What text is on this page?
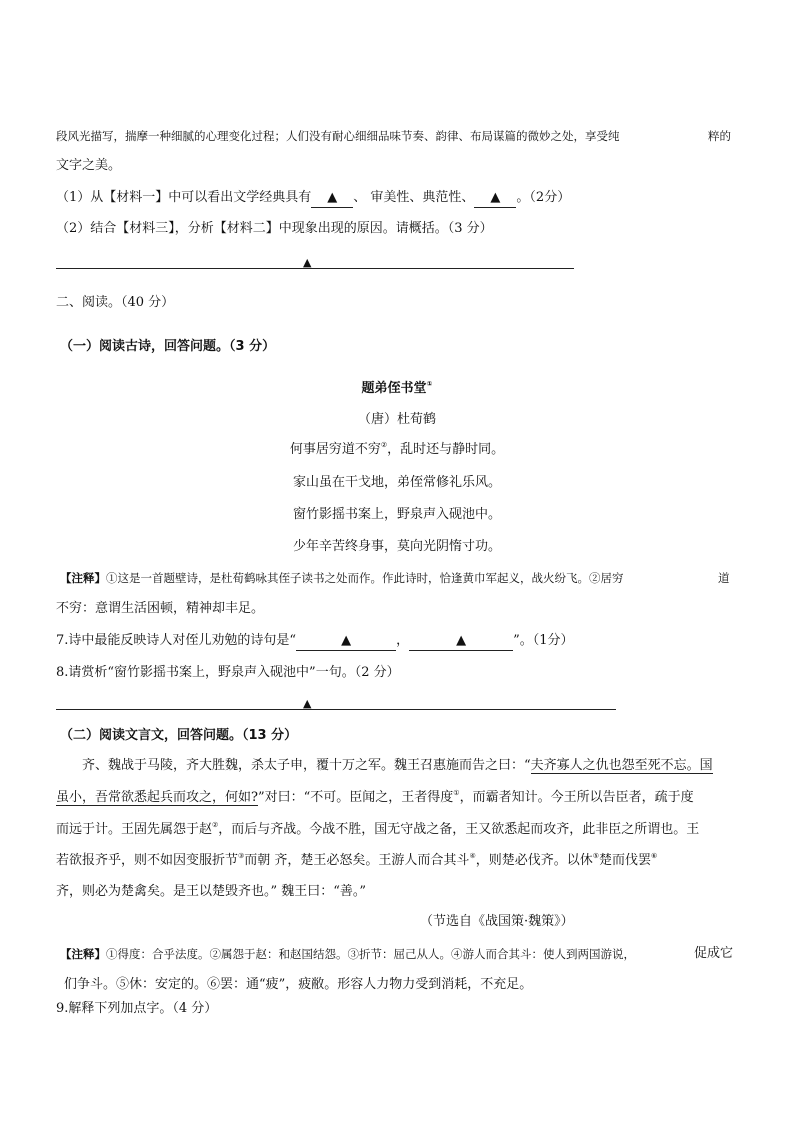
段风光描写，揣摩一种细腻的心理变化过程；人们没有耐心细细品味节奏、韵律、布局谋篇的微妙之处，享受纯	粹的
文字之美。
（1）从【材料一】中可以看出文学经典具有 ▲ 、 审美性、典范性、 ▲ 。（2分）
（2）结合【材料三】，分析【材料二】中现象出现的原因。请概括。（3 分）
▲
二、阅读。（40 分）
（一）阅读古诗，回答问题。（3 分）
题弟侄书堂①
（唐）杜荀鹤
何事居穷道不穷②，乱时还与静时同。
家山虽在干戈地，弟侄常修礼乐风。
窗竹影摇书案上，野泉声入砚池中。
少年辛苦终身事，莫向光阴惰寸功。
【注释】①这是一首题壁诗，是杜荀鹤咏其侄子读书之处而作。作此诗时，恰逢黄巾军起义，战火纷飞。②居穷	道
不穷：意谓生活困顿，精神却丰足。
7.诗中最能反映诗人对侄儿劝勉的诗句是“	▲	，	▲	”。（1分）
8.请赏析“窗竹影摇书案上，野泉声入砚池中”一句。（2 分）
▲
（二）阅读文言文，回答问题。（13 分）
齐、魏战于马陵，齐大胜魏，杀太子申，覆十万之军。魏王召惠施而告之曰：“夫齐寡人之仇也怨至死不忘。国
虽小，吾常欲悉起兵而攻之，何如?”对曰：“不可。臣闻之，王者得度①，而霸者知计。今王所以告臣者，疏于度
而远于计。王固先属怨于赵②，而后与齐战。今战不胜，国无守战之备，王又欲悉起而攻齐，此非臣之所谓也。王
若欲报齐乎，则不如因变服折节③而朝 齐，楚王必怒矣。王游人而合其斗④，则楚必伐齐。以休⑤楚而伐罢⑥
齐，则必为楚禽矣。是王以楚毁齐也。” 魏王曰：“善。”
（节选自《战国策·魏策》）
【注释】①得度：合乎法度。②属怨于赵：和赵国结怨。③折节：屈己从人。④游人而合其斗：使人到两国游说，	促成它
们争斗。⑤休：安定的。⑥罢：通“疲”，疲敝。形容人力物力受到消耗，不充足。
9.解释下列加点字。（4 分）
